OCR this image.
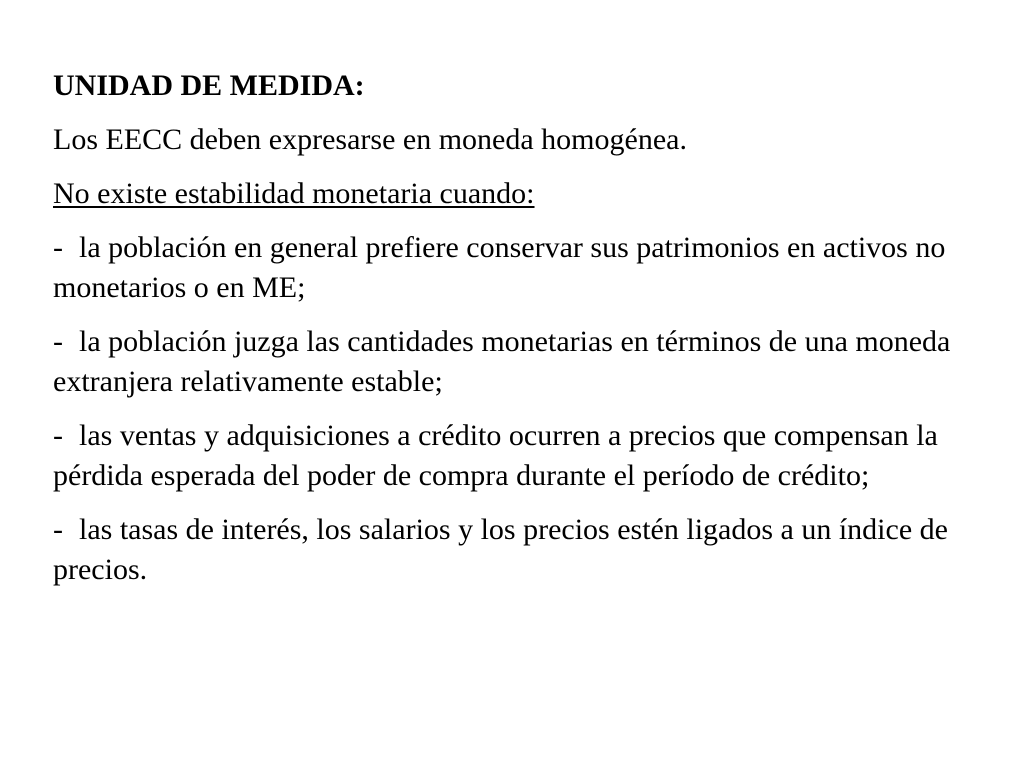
UNIDAD DE MEDIDA:

Los EECC deben expresarse en moneda homogénea.

No existe estabilidad monetaria cuando:

- la población en general prefiere conservar sus patrimonios en activos no monetarios o en ME;

- la población juzga las cantidades monetarias en términos de una moneda extranjera relativamente estable;

- las ventas y adquisiciones a crédito ocurren a precios que compensan la pérdida esperada del poder de compra durante el período de crédito;

- las tasas de interés, los salarios y los precios estén ligados a un índice de precios.
